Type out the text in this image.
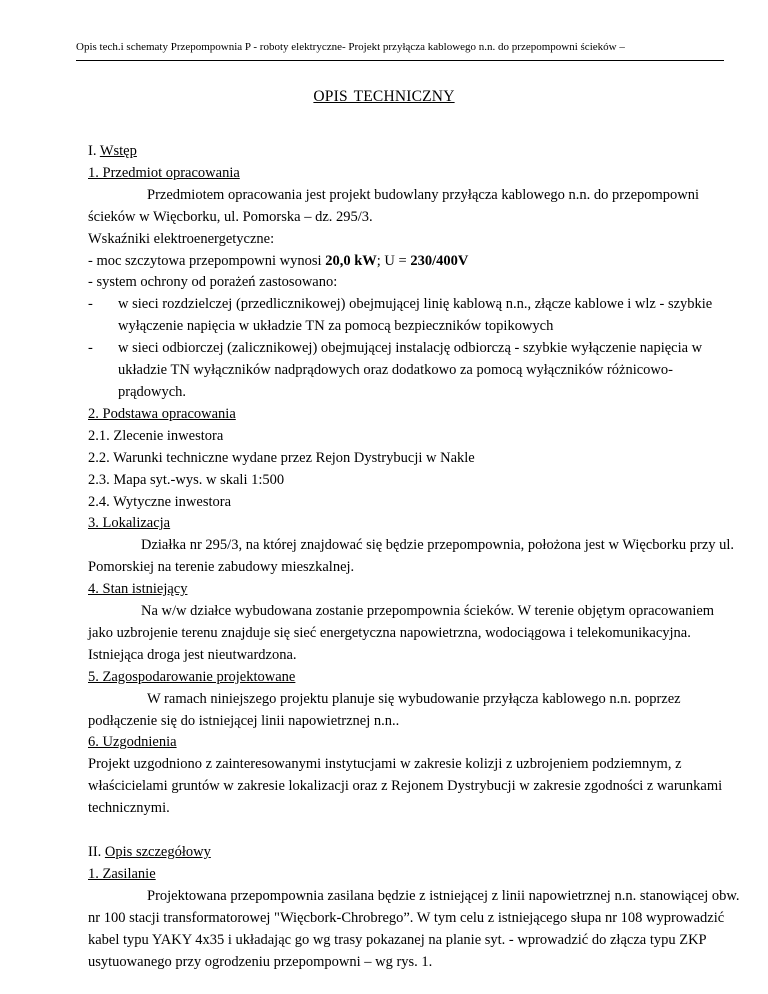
Opis tech.i schematy Przepompownia P - roboty elektryczne- Projekt przyłącza kablowego n.n. do przepompowni ścieków –
OPIS TECHNICZNY

I. Wstęp

1. Przedmiot opracowania

Przedmiotem opracowania jest projekt budowlany przyłącza kablowego n.n. do przepompowni ścieków w Więcborku, ul. Pomorska – dz. 295/3.

Wskaźniki elektroenergetyczne:

- moc szczytowa przepompowni wynosi 20,0 kW; U = 230/400V

- system ochrony od porażeń zastosowano:

- w sieci rozdzielczej (przedlicznikowej) obejmującej linię kablową n.n., złącze kablowe i wlz - szybkie wyłączenie napięcia w układzie TN za pomocą bezpieczników topikowych
- w sieci odbiorczej (zalicznikowej) obejmującej instalację odbiorczą - szybkie wyłączenie napięcia w układzie TN wyłączników nadprądowych oraz dodatkowo za pomocą wyłączników różnicowo-prądowych.

2. Podstawa opracowania

2.1. Zlecenie inwestora

2.2. Warunki techniczne wydane przez Rejon Dystrybucji w Nakle

2.3. Mapa syt.-wys. w skali 1:500

2.4. Wytyczne inwestora

3. Lokalizacja

Działka nr 295/3, na której znajdować się będzie przepompownia, położona jest w Więcborku przy ul. Pomorskiej na terenie zabudowy mieszkalnej.

4. Stan istniejący

Na w/w działce wybudowana zostanie przepompownia ścieków. W terenie objętym opracowaniem jako uzbrojenie terenu znajduje się sieć energetyczna napowietrzna, wodociągowa i telekomunikacyjna. Istniejąca droga jest nieutwardzona.

5. Zagospodarowanie projektowane

W ramach niniejszego projektu planuje się wybudowanie przyłącza kablowego n.n. poprzez podłączenie się do istniejącej linii napowietrznej n.n..

6. Uzgodnienia

Projekt uzgodniono z zainteresowanymi instytucjami w zakresie kolizji z uzbrojeniem podziemnym, z właścicielami gruntów w zakresie lokalizacji oraz z Rejonem Dystrybucji w zakresie zgodności z warunkami technicznymi.

II. Opis szczegółowy

1. Zasilanie

Projektowana przepompownia zasilana będzie z istniejącej z linii napowietrznej n.n. stanowiącej obw. nr 100 stacji transformatorowej "Więcbork-Chrobrego”. W tym celu z istniejącego słupa nr 108 wyprowadzić kabel typu YAKY 4x35 i układając go wg trasy pokazanej na planie syt. - wprowadzić do złącza typu ZKP usytuowanego przy ogrodzeniu przepompowni – wg rys. 1.
